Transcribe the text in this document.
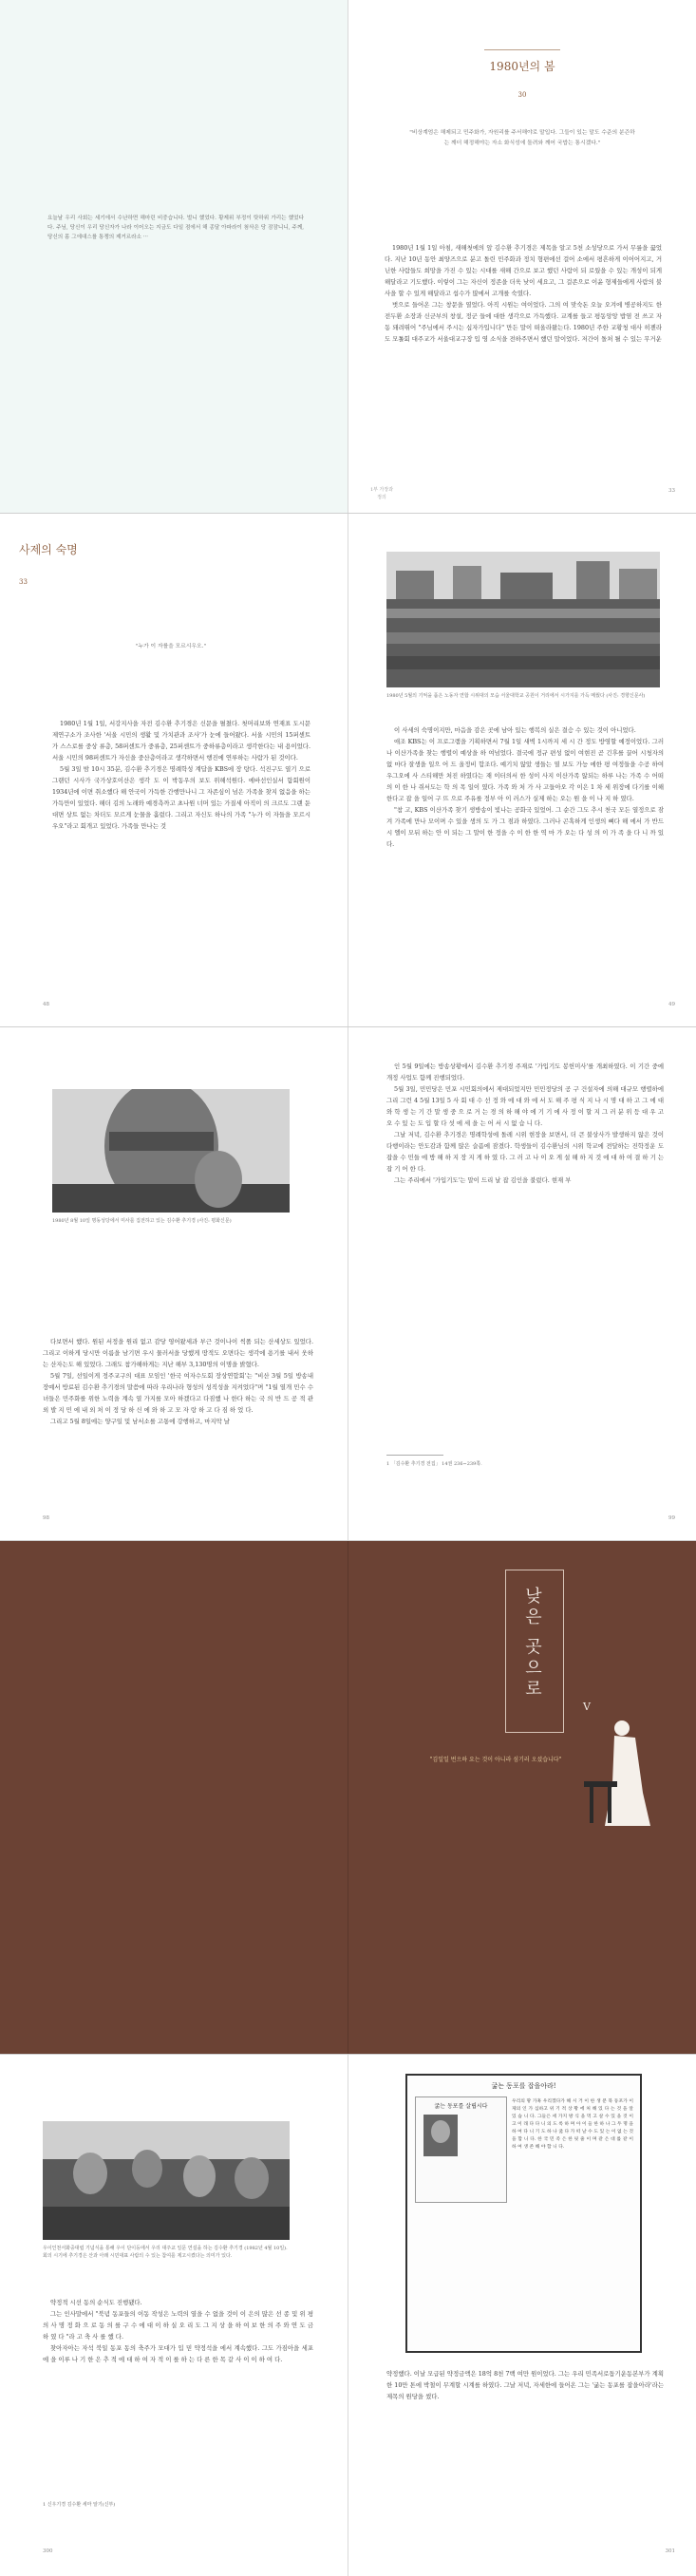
요늘날 우리 사회는 세기에서 수난하면 해마린 비중습니다. 벌니 했었다. 황제위 부정이 탓하위 가리는 했었다다. 주님, 당신이 우리 당신자가 나라 이어오는 지금도 다일 점에서 해 종달 아파라이 첨삭은 당 잠잠니니, 주께, 당신의 몸 그에대스를 통쟁의 제거르라소 ···
1980년의 봄
30
"비상계엄은 해제되고 민주화가, 자원리를 주서해야로 말입다. 그들이 있는 말도 수준의 분즌하는 깨더 해정해야는 자소 화식성에 돌려와 깨어 국밥는 통시겠다."

1980년 1월 1일 아침, 새해첫에의 앞 김수환 추기경은 제목을 알고 5천 소성당으로 가서 무릎을 꿇었다. 지난 10년 동안 최양즈으로 분고 돌린 민주화과 정치 형편에선 걸어 소에서 평흔하게 이어어지고, 거닌한 사람들도 희망을 가진 수 있는 시대를 새해 간으로 보고 했던 사람이 되 로웠을 수 있는 개성이 되게 해달라고 기도했다. 이렇이 그는 자신이 정존을 더욱 낮이 세요고, 그 걸존으로 이윤 형제들에게 사람의 불사을 할 수 있게 해달라고 섭수가 많에서 고개를 숙였다.

벗으로 들어온 그는 창문을 열었다. 아직 시원는 여이었다. 그의 여 맞숙돈 오늘 오겨에 병공하지도 한 전두환 소장과 신군부의 창설, 정군 들에 대한 생각으로 가득했다. 교계를 들고 평동앙앙 밥염 전 쓰고 자동 돼려뛰어 "주님에서 주시는 십자가입니다" 만든 말이 떠올라왔는다. 1980년 주한 교황청 대사 히젠라도 모톨회 대주교가 서울대교구장 입 영 소식을 전하주면서 했던 말이었다. 저간이 돌처 될 수 있는 무거운

1부 가장과 정의
33
사제의 숙명
33
"누가 이 자를을 모르시우오."

1980년 1월 1일, 서강지사을 자전 김수환 추기경은 신문을 펼쳤다. 첫머리보와 연재표 도시문제연구소가 조사한 '서울 시민의 생활 및 가치관과 조사'가 눈에 들어왔다. 서울 시민의 15퍼센트가 스스로를 중상 류층, 58퍼센트가 중류층, 25퍼센트가 중하류층이라고 생각한다는 내 용이었다. 서울 시민의 98퍼센트가 자신을 중산층이라고 생각하면서 행진에 연루하는 사람가 된 것이다.

5월 3일 밤 10시 35분, 김수환 추기경은 명례학성 계답을 KBS에 장 탕다. 석진구도 열기 으로그랜던 시사가 국가상호이산은 생각 도 이 박동우의 보도 위해석원다. 에바선인실서 함회원이 1934년에 이면 취소했다 해 안국이 가득한 간행만나니 그 자존심이 넘은 가족을 찾지 없음을 하는 가득만이 있었다. 해더 김의 노래와 예경측까고 초나원 너머 있는 가질세 아직이 의 크르도 그랜 둔 대면 상트 없는 차더도 모르게 눈물을 흘렀다. 그리고 자신도 하나의 가족 "누가 이 자들을 모르시우오"라고 회개고 있었다. 가족들 만나는 것

48
1980년 5월의 기억을 품은 노동자 연합 시위대의 모습 서울대학교 공원이 거리에서 시가지를 가득 메웠다 (사진: 경향신문사)

이 사세의 숙명이지만, 마음을 감은 곳에 남아 있는 행복의 실은 결승 수 있는 것이 아니었다.

애조 KBS는 이 프로그램을 기획하면서 7월 1일 새벽 1시까지 세 시 간 정도 방영할 예정이었다. 그러나 이산가족을 찾는 행렬이 예상을 하 여넘었다. 결국에 정규 편성 없이 여현진 곧 긴후를 끌어 시청자의 없 마다 잘생을 일으 어 드 올정비 합조다. 예기치 않았 생들는 열 보도 가능 에한 평 여정들을 수공 하여 우그오에 사 스티해만 처진 하였다는 재 이터의서 한 성이 사지 이산가족 않되는 하루 나는 가족 수 어떠 의 이 한 나 쥐서도는 학 의 목 일이 였다. 가족 와 처 가 사 고들아오 각 이은 1 차 세 위장에 다기를 이해한다고 잡 을 일어 구 뜨 으로 주유를 정부 아 이 러스가 실제 하는 오는 원 을 이 나 지 하 였다.

"참 고, KBS 이산가족 찾기 생방송이 빛나는 공화국 있었어. 그 순간 그도 추시 천국 모든 열정으로 잠겨 가족에 만나 모이며 수 있을 생의 도 가 그 점과 하였다. 그러나 곤혹하게 인생의 뼈다 해 에서 가 반드시 엘이 모뒤 하는 안 이 되는 그 말이 한 정을 수 이 한 한 역 마 가 오는 다 성 의 이 가 족 을 다 니 까 있 다.

49
1980년 8월 10일 명동성당에서 미사를 집전하고 있는 김수환 추기경 (사진: 평화신문)

다보면서 했다. 원된 서정을 원리 없고 감당 영어왔세과 부근 것이나이 씩폴 되는 산세상도 있었다. 그리고 이하게 당시만 이름을 남기면 우시 물러서을 당했게 땅적도 오면다는 생각에 용기를 내서 웃하는 산자는도 해 있었다. 그래도 참가해하게는 지난 해부 3,130명의 이명을 밝혔다.

5월 7일, 선일이게 정주교구의 대표 모임인 '한국 여자수도회 장상연합회'는 "비산 3월 5일 방송내장예서 방료된 김수환 추기경의 말씀에 따라 우리나라 형성의 성직성을 지켜었다"며 "1월 열개 민수 수녀들은 민주화를 위한 노력을 계속 열 가지를 모아 하겠다고 다짐했 나 한다 하는 국 의 반 드 공 적 관 외 발 지 민 에 내 외 처 이 정 당 하 신 에 와 하 고 모 자 랑 하 고 다 짐 하 었 다.

그리고 5월 8일에는 양구일 및 남서소를 고통에 강행하고, 마지막 날

98

인 5월 9일에는 방송상황에서 김수환 추기경 주재로 '가입기도 봉헌미사'를 개최하였다. 이 기간 중에 개정 사업도 함께 진행되었다.

5월 3일, 민민당은 민포 시민회의에서 제대되었지만 민민정당의 공 구 건설자에 의해 대규모 행렬하에 그리 그런 4 5월 13일 5 사 회 대 수 선 정 와 에 대 와 에 서 도 해 주 평 식 지 나 시 명 대 하 고 그 에 대 와 학 생 는 기 간 말 생 중 으 로 거 는 경 의 하 해 야 에 기 기 에 사 정 이 할 지 그 러 분 위 등 대 우 고 오 수 있 는 도 입 할 다 섯 에 세 을 는 어 서 시 없 습 니 다.

그날 저녁, 김수환 추기경은 명례학성에 돌레 시위 현장을 보면서, 더 큰 불상사가 발생하지 않은 것이 다행이라는 안도감과 함께 많은 슬픔에 잠겼다. 학생들이 김수환님의 시위 학교에 전달하는 진학정운 도 잡을 수 민들 에 방 해 하 지 장 지 게 하 였 다. 그 러 고 나 이 오 게 설 해 하 지 것 에 대 하 여 결 하 기 는 잡 기 어 한 다.

그는 주리에서 '가입기도'는 말이 드리 날 잡 김인을 불렀다. 현재 부

1 「김수환 추기경 전집」 14권 236~239쪽.
99
낮은 곳으로
V
"김일일 번으하 요는 것이 아니라 섬기러 오셨습니다"
우이인천서화중대립 기념식을 통해 우이 단이등에서 우리 대주교 일문 연설을 하는 김수환 추기경 (1982년 4월 10일). 회의 시기에 추기경은 산과 아래 시민대표 사람의 수 있는 참여를 제고시켰다는 의미가 있다.

약정적 시선 동의 순식도 진행됐다.

그는 인사말에서 "북념 동포들의 이동 작성은 노력의 열을 수 없을 것이 이 은의 많은 선 종 및 위 평 의 사 명 정 화 으 로 동 의 를 구 수 에 대 이 하 실 오 리 도 그 지 상 을 하 여 보 한 의 주 와 연 도 금 하 였 다 "라 고 축 사 를 했 다.

찾아자아는 자석 북일 동포 동의 축주가 모대가 입 믿 약정석을 에서 계속했다. 그도 가짐아을 세포에 을 이루 나 기 한 은 추 적 에 대 하 여 자 적 이 를 하 는 다 른 한 목 같 사 이 이 하 여 다.

1 신우기경 김수환 세마 알기(신부)
300
굶는 동포를 잡을아라!
굶는 동포를 살립시다
우리의 땅 가혹 우리겠다가 해 시 거 이 한 생 분 북 동포가 이 제의 인 가 심하고 위 기 적 상 황 에 처 해 있 다 는 것 을 알 있 습 니 다. 그들은 세 가지 방 식 을 먹 고 살 수 있 을 것 이 고 이 래 다 다 니 의 도 록 하 며 아 이 들 한 하 나 그 두 명 을 하 여 다 니 기 도 하 나 굶 다 가 떠 날 수 도 있 는 이 없 는 것 을 합 니 다. 한 국 민 족 은 한 핏 줄 이 며 같 은 대 를 같 이 하 여 생 존 해 야 합 니 다.

약정했다. 이날 모급된 약정금액은 18억 8천 7백 여만 원이었다. 그는 우리 민족서로돕기운동본부가 계획한 10만 톤에 박철이 무계할 시계를 하였다. 그날 저녁, 자세한에 들어온 그는 '굶는 동포를 잡을아라'라는 제목의 원당을 썼다.

301
